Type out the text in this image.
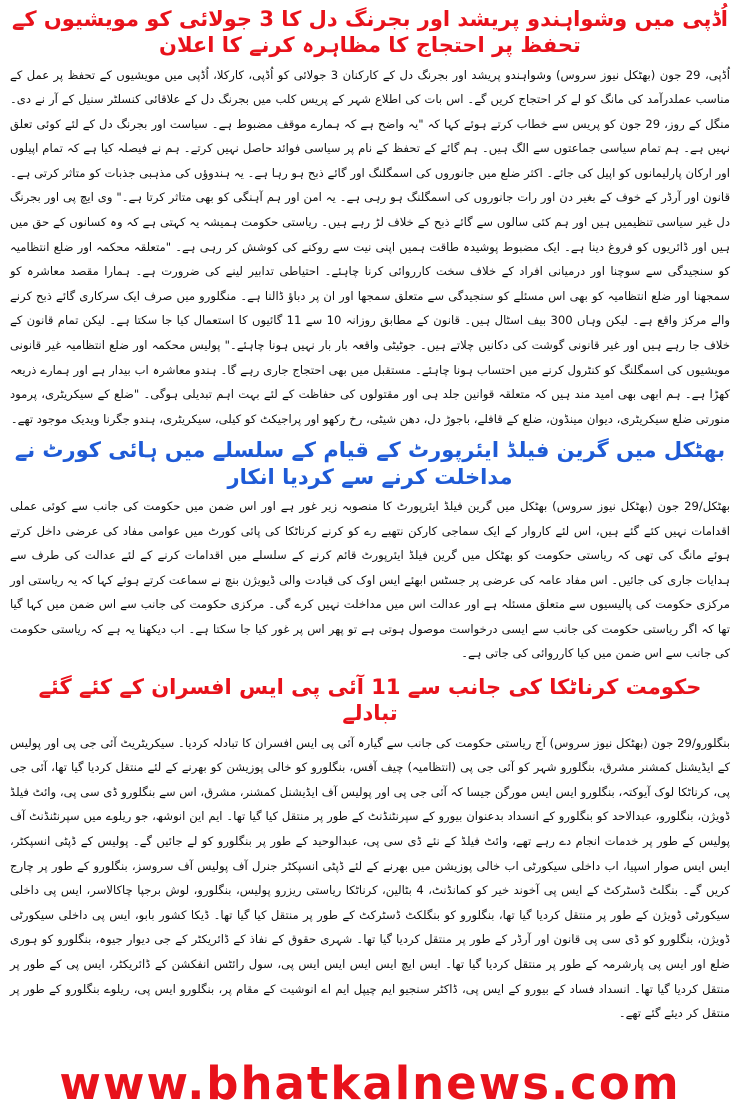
اُڈپی میں وشواہندو پریشد اور بجرنگ دل کا 3 جولائی کو مویشیوں کے تحفظ پر احتجاج کا مظاہرہ کرنے کا اعلان

اُڈپی، 29 جون (بھٹکل نیوز سروس) وشواہندو پریشد اور بجرنگ دل کے کارکنان 3 جولائی کو اُڈپی، کارکلا، اُڈپی میں مویشیوں کے تحفظ پر عمل کے مناسب عملدرآمد کی مانگ کو لے کر احتجاج کریں گے۔ اس بات کی اطلاع شہر کے پریس کلب میں بجرنگ دل کے علاقائی کنسلٹر سنیل کے آر نے دی۔ منگل کے روز، 29 جون کو پریس سے خطاب کرتے ہوئے کہا کہ "یہ واضح ہے کہ ہمارے موقف مضبوط ہے۔ سیاست اور بجرنگ دل کے لئے کوئی تعلق نہیں ہے۔ ہم تمام سیاسی جماعتوں سے الگ ہیں۔ ہم گائے کے تحفظ کے نام پر سیاسی فوائد حاصل نہیں کرتے۔ ہم نے فیصلہ کیا ہے کہ تمام اپیلوں اور ارکان پارلیمانوں کو اپیل کی جائے۔ اکثر ضلع میں جانوروں کی اسمگلنگ اور گائے ذبح ہو رہا ہے۔ یہ ہندوؤں کی مذہبی جذبات کو متاثر کرتی ہے۔ قانون اور آرڈر کے خوف کے بغیر دن اور رات جانوروں کی اسمگلنگ ہو رہی ہے۔ یہ امن اور ہم آہنگی کو بھی متاثر کرتا ہے۔" وی ایچ پی اور بجرنگ دل غیر سیاسی تنظیمیں ہیں اور ہم کئی سالوں سے گائے ذبح کے خلاف لڑ رہے ہیں۔ ریاستی حکومت ہمیشہ یہ کہتی ہے کہ وہ کسانوں کے حق میں ہیں اور ڈائریوں کو فروغ دینا ہے۔ ایک مضبوط پوشیدہ طاقت ہمیں اپنی نیت سے روکنے کی کوشش کر رہی ہے۔ "متعلقہ محکمہ اور ضلع انتظامیہ کو سنجیدگی سے سوچنا اور درمیانی افراد کے خلاف سخت کارروائی کرنا چاہئے۔ احتیاطی تدابیر لینے کی ضرورت ہے۔ ہمارا مقصد معاشرہ کو سمجھنا اور ضلع انتظامیہ کو بھی اس مسئلے کو سنجیدگی سے متعلق سمجھا اور ان پر دباؤ ڈالنا ہے۔ منگلورو میں صرف ایک سرکاری گائے ذبح کرنے والے مرکز واقع ہے۔ لیکن وہاں 300 بیف اسٹال ہیں۔ قانون کے مطابق روزانہ 10 سے 11 گائیوں کا استعمال کیا جا سکتا ہے۔ لیکن تمام قانون کے خلاف جا رہے ہیں اور غیر قانونی گوشت کی دکانیں چلاتے ہیں۔ جوٹیٹی واقعہ بار بار نہیں ہونا چاہئے۔" پولیس محکمہ اور ضلع انتظامیہ غیر قانونی مویشیوں کی اسمگلنگ کو کنٹرول کرنے میں احتساب ہونا چاہئے۔ مستقبل میں بھی احتجاج جاری رہے گا۔ ہندو معاشرہ اب بیدار ہے اور ہمارے ذریعہ کھڑا ہے۔ ہم ابھی بھی امید مند ہیں کہ متعلقہ قوانین جلد ہی اور مقتولوں کی حفاظت کے لئے بہت اہم تبدیلی ہوگی۔ "ضلع کے سیکریٹری، پرمود منورتی ضلع سیکریٹری، دیوان مینڈون، ضلع کے قافلے، باجوڑ دل، دھن شیٹی، رخ رکھو اور پراجیکٹ کو کیلی، سیکریٹری، ہندو جگرنا ویدیک موجود تھے۔

بھٹکل میں گرین فیلڈ ایئرپورٹ کے قیام کے سلسلے میں ہائی کورٹ نے مداخلت کرنے سے کردیا انکار

بھٹکل/29 جون (بھٹکل نیوز سروس) بھٹکل میں گرین فیلڈ ایئرپورٹ کا منصوبہ زیر غور ہے اور اس ضمن میں حکومت کی جانب سے کوئی عملی اقدامات نہیں کئے گئے ہیں، اس لئے کاروار کے ایک سماجی کارکن نتھیے رے کو کرنے کرناٹکا کی پائی کورٹ میں عوامی مفاد کی عرضی داخل کرتے ہوئے مانگ کی تھی کہ ریاستی حکومت کو بھٹکل میں گرین فیلڈ ایئرپورٹ قائم کرنے کے سلسلے میں اقدامات کرنے کے لئے عدالت کی طرف سے ہدایات جاری کی جائیں۔ اس مفاد عامہ کی عرضی پر جسٹس ابھئے ایس اوک کی قیادت والی ڈیویژن بنچ نے سماعت کرتے ہوئے کہا کہ یہ ریاستی اور مرکزی حکومت کی پالیسیوں سے متعلق مسئلہ ہے اور عدالت اس میں مداخلت نہیں کرے گی۔ مرکزی حکومت کی جانب سے اس ضمن میں کہا گیا تھا کہ اگر ریاستی حکومت کی جانب سے ایسی درخواست موصول ہوتی ہے تو پھر اس پر غور کیا جا سکتا ہے۔ اب دیکھنا یہ ہے کہ ریاستی حکومت کی جانب سے اس ضمن میں کیا کارروائی کی جاتی ہے۔

حکومت کرناٹکا کی جانب سے 11 آئی پی ایس افسران کے کئے گئے تبادلے

بنگلورو/29 جون (بھٹکل نیوز سروس) آج ریاستی حکومت کی جانب سے گیارہ آئی پی ایس افسران کا تبادلہ کردیا۔ سیکریٹریٹ آئی جی پی اور پولیس کے ایڈیشنل کمشنر مشرق، بنگلورو شہر کو آئی جی پی (انتظامیہ) چیف آفس، بنگلورو کو خالی پوزیشن کو بھرنے کے لئے منتقل کردیا گیا تھا، آئی جی پی، کرناٹکا لوک آیوکتہ، بنگلورو ایس ایس مورگن جیسا کہ آئی جی پی اور پولیس آف ایڈیشنل کمشنر، مشرق، اس سے بنگلورو ڈی سی پی، وائٹ فیلڈ ڈویژن، بنگلورو، عبدالاحد کو بنگلورو کے انسداد بدعنوان بیورو کے سپرنٹنڈنٹ کے طور پر منتقل کیا گیا تھا۔ ایم این انوشھ، جو ریلوے میں سپرنٹنڈنٹ آف پولیس کے طور پر خدمات انجام دے رہے تھے، وائٹ فیلڈ کے نئے ڈی سی پی، عبدالوحید کے طور پر بنگلورو کو لے جائیں گے۔ پولیس کے ڈپٹی انسپکٹر، ایس ایس صوار اسپیا، اب داخلی سیکورٹی اب خالی پوزیشن میں بھرنے کے لئے ڈپٹی انسپکٹر جنرل آف پولیس آف سروسز، بنگلورو کے طور پر چارج کریں گے۔ بنگلٹ ڈسٹرکٹ کے ایس پی آخوند خیر کو کمانڈنٹ، 4 بٹالین، کرناٹکا ریاستی ریزرو پولیس، بنگلورو، لوش برجپا چاکالاسر، ایس پی داخلی سیکورٹی ڈویژن کے طور پر منتقل کردیا گیا تھا، بنگلورو کو بنگلکٹ ڈسٹرکٹ کے طور پر منتقل کیا گیا تھا۔ ڈیکا کشور بابو، ایس پی داخلی سیکورٹی ڈویژن، بنگلورو کو ڈی سی پی قانون اور آرڈر کے طور پر منتقل کردیا گیا تھا۔ شہری حقوق کے نفاذ کے ڈائریکٹر کے جی دیوار جیوہ، بنگلورو کو ہوری ضلع اور ایس پی پارشرمہ کے طور پر منتقل کردیا گیا تھا۔ ایس ایچ ایس ایس ایس ایس پی، سول رائٹس انفکشن کے ڈائریکٹر، ایس پی کے طور پر منتقل کردیا گیا تھا۔ انسداد فساد کے بیورو کے ایس پی، ڈاکٹر سنجیو ایم چیپل ایم اے انوشیت کے مقام پر، بنگلورو ایس پی، ریلوے بنگلورو کے طور پر منتقل کر دیئے گئے تھے۔

www.bhatkalnews.com
